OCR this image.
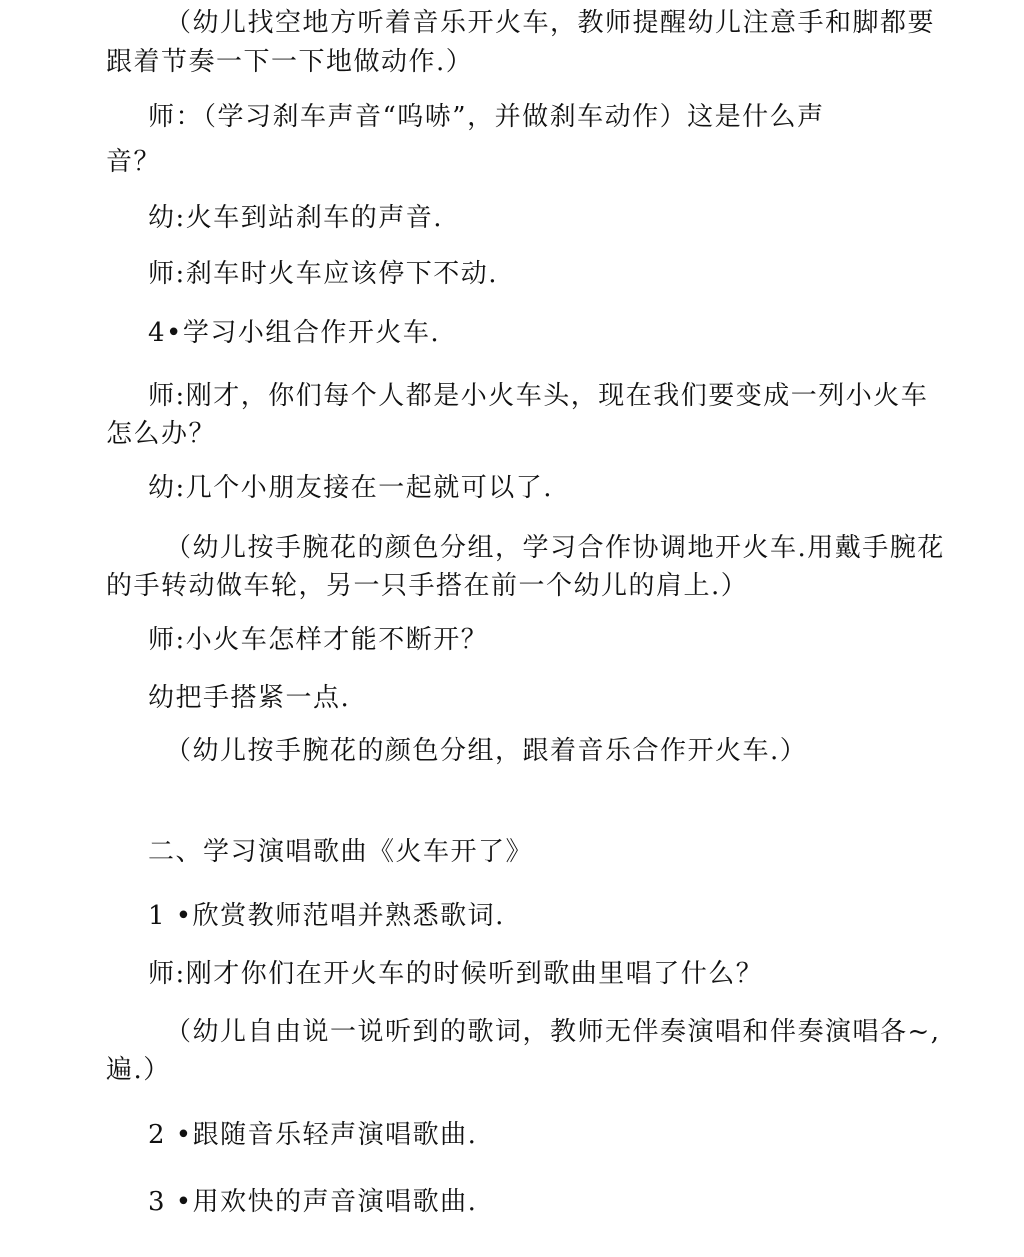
（幼儿找空地方听着音乐开火车，教师提醒幼儿注意手和脚都要
跟着节奏一下一下地做动作.）
师：（学习刹车声音“呜哧”，并做刹车动作）这是什么声
音？
幼:火车到站刹车的声音.
师:刹车时火车应该停下不动.
4•学习小组合作开火车.
师:刚才，你们每个人都是小火车头，现在我们要变成一列小火车
怎么办？
幼:几个小朋友接在一起就可以了.
（幼儿按手腕花的颜色分组，学习合作协调地开火车.用戴手腕花
的手转动做车轮，另一只手搭在前一个幼儿的肩上.）
师:小火车怎样才能不断开？
幼把手搭紧一点.
（幼儿按手腕花的颜色分组，跟着音乐合作开火车.）
二、学习演唱歌曲《火车开了》
1 •欣赏教师范唱并熟悉歌词.
师:刚才你们在开火车的时候听到歌曲里唱了什么？
（幼儿自由说一说听到的歌词，教师无伴奏演唱和伴奏演唱各~,
遍.）
2 •跟随音乐轻声演唱歌曲.
3 •用欢快的声音演唱歌曲.
